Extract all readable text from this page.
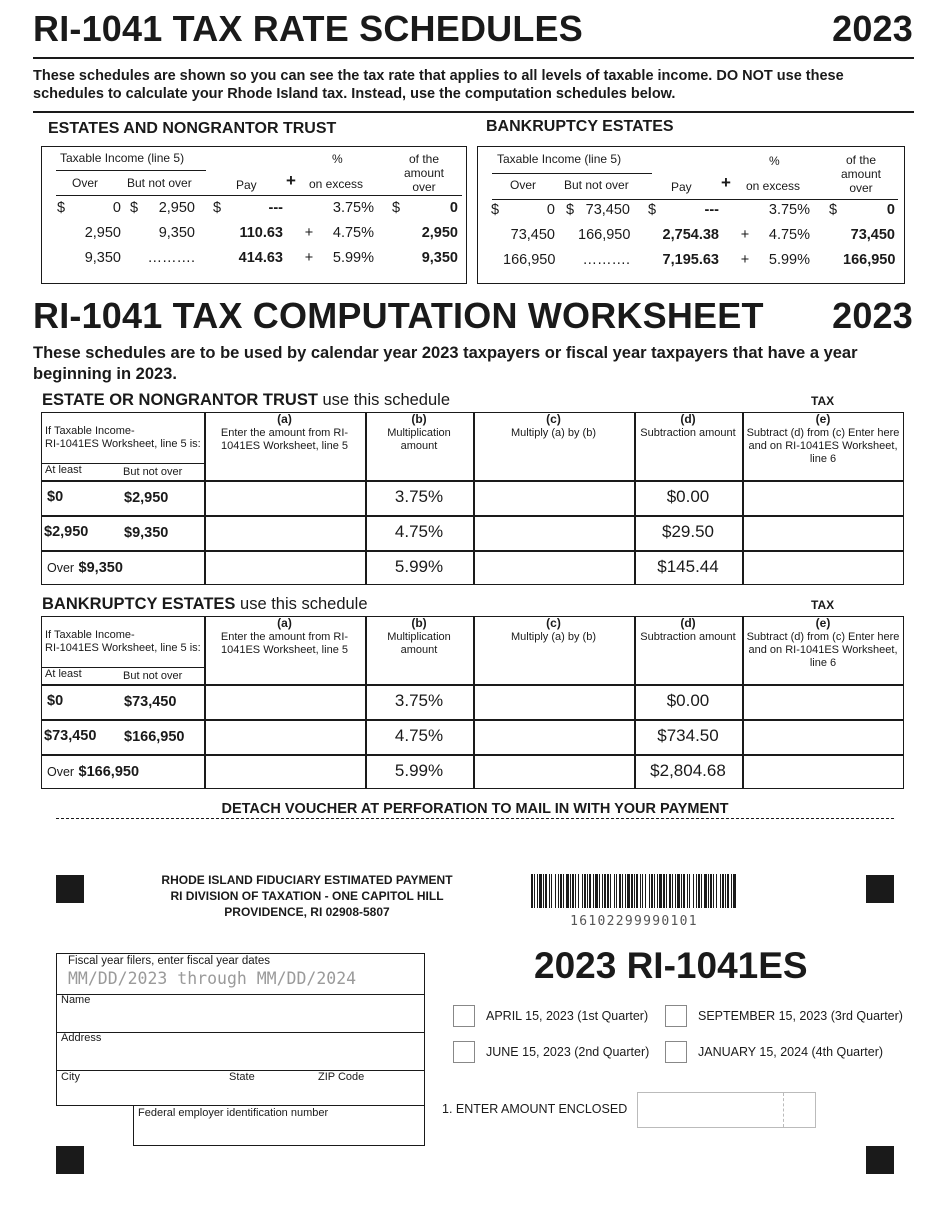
RI-1041 TAX RATE SCHEDULES	2023
These schedules are shown so you can see the tax rate that applies to all levels of taxable income. DO NOT use these schedules to calculate your Rhode Island tax. Instead, use the computation schedules below.
ESTATES AND NONGRANTOR TRUST
Taxable Income (line 5)
Over But not over	Pay +
%
on excess
of the amount over
$	0 $	2,950 $	---	3.75% $	0
2,950	9,350	110.63 +	4.75%	2,950
9,350	……….	414.63 +	5.99%	9,350
BANKRUPTCY ESTATES
Taxable Income (line 5)
Over But not over	Pay +
%
on excess
of the amount over
$	0 $ 73,450 $	---	3.75% $	0
73,450 166,950 2,754.38 +	4.75%	73,450
166,950	………. 7,195.63 +	5.99% 166,950
RI-1041 TAX COMPUTATION WORKSHEET 2023
These schedules are to be used by calendar year 2023 taxpayers or fiscal year taxpayers that have a year beginning in 2023.
ESTATE OR NONGRANTOR TRUST use this schedule	TAX
If Taxable Income-
RI-1041ES Worksheet, line 5 is:
At least	But not over
(a)
Enter the amount from RI-1041ES Worksheet, line 5
(b)
Multiplication amount
(c)
Multiply (a) by (b)
(d)
Subtraction amount
(e)
Subtract (d) from (c) Enter here and on RI-1041ES Worksheet, line 6
$0	$2,950	3.75%	$0.00
$2,950 $9,350	4.75%	$29.50
Over $9,350	5.99%	$145.44
BANKRUPTCY ESTATES use this schedule	TAX
If Taxable Income-
RI-1041ES Worksheet, line 5 is:
At least	But not over
(a)
Enter the amount from RI-1041ES Worksheet, line 5
(b)
Multiplication amount
(c)
Multiply (a) by (b)
(d)
Subtraction amount
(e)
Subtract (d) from (c) Enter here and on RI-1041ES Worksheet, line 6
$0	$73,450	3.75%	$0.00
$73,450 $166,950	4.75%	$734.50
Over $166,950	5.99%	$2,804.68
DETACH VOUCHER AT PERFORATION TO MAIL IN WITH YOUR PAYMENT
RHODE ISLAND FIDUCIARY ESTIMATED PAYMENT
RI DIVISION OF TAXATION - ONE CAPITOL HILL
PROVIDENCE, RI 02908-5807
16102299990101
2023 RI-1041ES
Fiscal year filers, enter fiscal year dates
MM/DD/2023 through MM/DD/2024
Name
Address
City	State	ZIP Code
Federal employer identification number
APRIL 15, 2023 (1st Quarter)
JUNE 15, 2023 (2nd Quarter)
SEPTEMBER 15, 2023 (3rd Quarter)
JANUARY 15, 2024 (4th Quarter)
1. ENTER AMOUNT ENCLOSED
